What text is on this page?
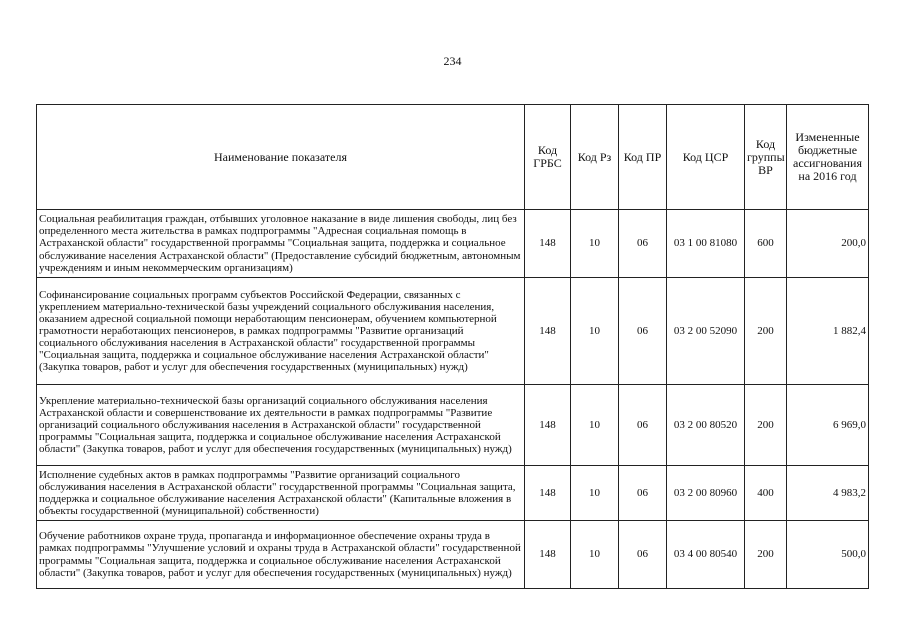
234
Наименование показателя	Код ГРБС	Код Рз	Код ПР	Код ЦСР	Код группы ВР	Измененные бюджетные ассигнования на 2016 год
Социальная реабилитация граждан, отбывших уголовное наказание в виде лишения свободы, лиц без определенного места жительства в рамках подпрограммы "Адресная социальная помощь в Астраханской области" государственной программы "Социальная защита, поддержка и социальное обслуживание населения Астраханской области" (Предоставление субсидий бюджетным, автономным учреждениям и иным некоммерческим организациям)	148	10	06	03 1 00 81080	600	200,0
Софинансирование социальных программ субъектов Российской Федерации, связанных с укреплением материально-технической базы учреждений социального обслуживания населения, оказанием адресной социальной помощи неработающим пенсионерам, обучением компьютерной грамотности неработающих пенсионеров, в рамках подпрограммы "Развитие организаций социального обслуживания населения в Астраханской области" государственной программы "Социальная защита, поддержка и социальное обслуживание населения Астраханской области" (Закупка товаров, работ и услуг для обеспечения государственных (муниципальных) нужд)	148	10	06	03 2 00 52090	200	1 882,4
Укрепление материально-технической базы организаций социального обслуживания населения Астраханской области и совершенствование их деятельности в рамках подпрограммы "Развитие организаций социального обслуживания населения в Астраханской области" государственной программы "Социальная защита, поддержка и социальное обслуживание населения Астраханской области" (Закупка товаров, работ и услуг для обеспечения государственных (муниципальных) нужд)	148	10	06	03 2 00 80520	200	6 969,0
Исполнение судебных актов в рамках подпрограммы "Развитие организаций социального обслуживания населения в Астраханской области" государственной программы "Социальная защита, поддержка и социальное обслуживание населения Астраханской области" (Капитальные вложения в объекты государственной (муниципальной) собственности)	148	10	06	03 2 00 80960	400	4 983,2
Обучение работников охране труда, пропаганда и информационное обеспечение охраны труда в рамках подпрограммы "Улучшение условий и охраны труда в Астраханской области" государственной программы "Социальная защита, поддержка и социальное обслуживание населения Астраханской области" (Закупка товаров, работ и услуг для обеспечения государственных (муниципальных) нужд)	148	10	06	03 4 00 80540	200	500,0
